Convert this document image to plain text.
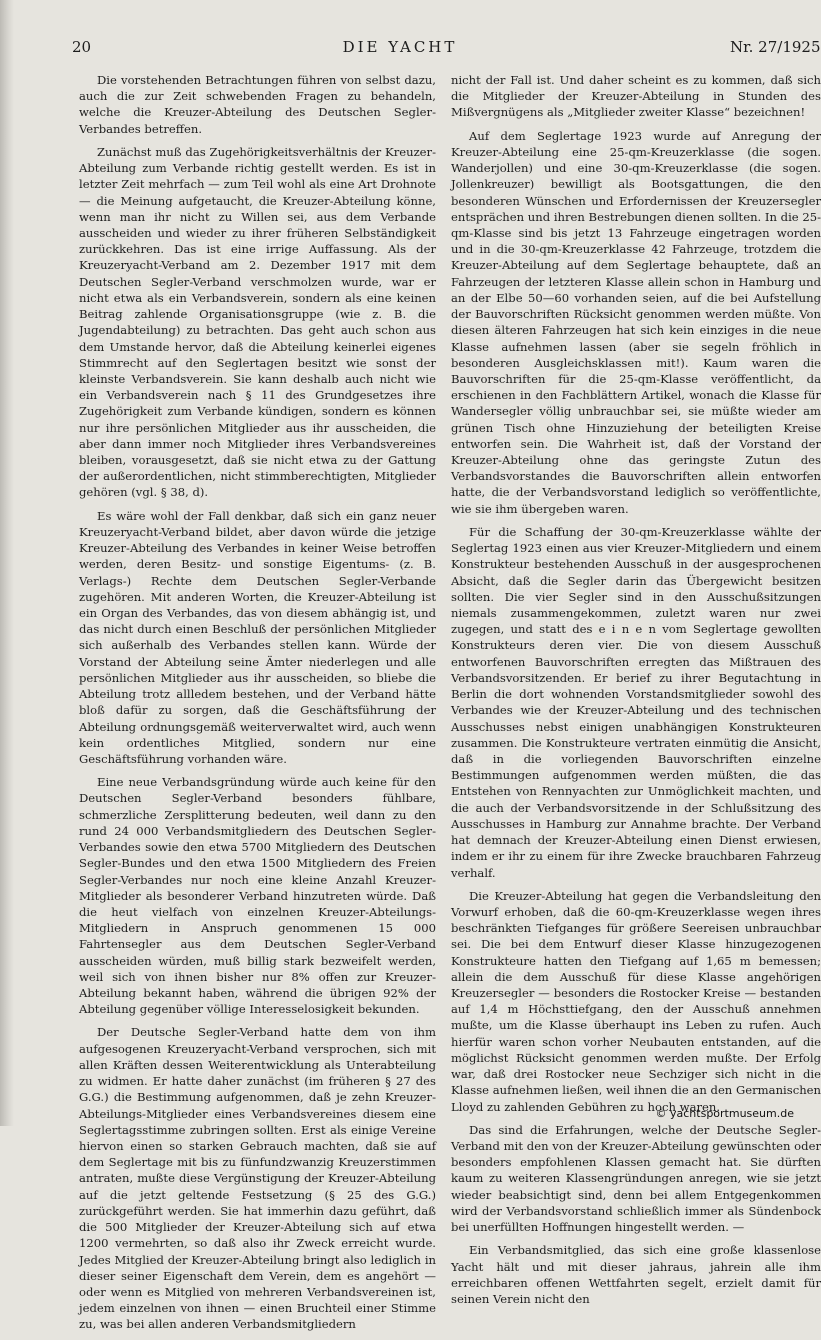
20	DIE YACHT	Nr. 27/1925

Die vorstehenden Betrachtungen führen von selbst dazu, auch die zur Zeit schwebenden Fragen zu behandeln, welche die Kreuzer-Abteilung des Deutschen Segler-Verbandes betreffen.

Zunächst muß das Zugehörigkeitsverhältnis der Kreuzer-Abteilung zum Verbande richtig gestellt werden. Es ist in letzter Zeit mehrfach — zum Teil wohl als eine Art Drohnote — die Meinung aufgetaucht, die Kreuzer-Abteilung könne, wenn man ihr nicht zu Willen sei, aus dem Verbande ausscheiden und wieder zu ihrer früheren Selbständigkeit zurückkehren. Das ist eine irrige Auffassung. Als der Kreuzeryacht-Verband am 2. Dezember 1917 mit dem Deutschen Segler-Verband verschmolzen wurde, war er nicht etwa als ein Verbandsverein, sondern als eine keinen Beitrag zahlende Organisationsgruppe (wie z. B. die Jugendabteilung) zu betrachten. Das geht auch schon aus dem Umstande hervor, daß die Abteilung keinerlei eigenes Stimmrecht auf den Seglertagen besitzt wie sonst der kleinste Verbandsverein. Sie kann deshalb auch nicht wie ein Verbandsverein nach § 11 des Grundgesetzes ihre Zugehörigkeit zum Verbande kündigen, sondern es können nur ihre persönlichen Mitglieder aus ihr ausscheiden, die aber dann immer noch Mitglieder ihres Verbandsvereines bleiben, vorausgesetzt, daß sie nicht etwa zu der Gattung der außerordentlichen, nicht stimmberechtigten, Mitglieder gehören (vgl. § 38, d).

Es wäre wohl der Fall denkbar, daß sich ein ganz neuer Kreuzeryacht-Verband bildet, aber davon würde die jetzige Kreuzer-Abteilung des Verbandes in keiner Weise betroffen werden, deren Besitz- und sonstige Eigentums- (z. B. Verlags-) Rechte dem Deutschen Segler-Verbande zugehören. Mit anderen Worten, die Kreuzer-Abteilung ist ein Organ des Verbandes, das von diesem abhängig ist, und das nicht durch einen Beschluß der persönlichen Mitglieder sich außerhalb des Verbandes stellen kann. Würde der Vorstand der Abteilung seine Ämter niederlegen und alle persönlichen Mitglieder aus ihr ausscheiden, so bliebe die Abteilung trotz allledem bestehen, und der Verband hätte bloß dafür zu sorgen, daß die Geschäftsführung der Abteilung ordnungsgemäß weiterverwaltet wird, auch wenn kein ordentliches Mitglied, sondern nur eine Geschäftsführung vorhanden wäre.

Eine neue Verbandsgründung würde auch keine für den Deutschen Segler-Verband besonders fühlbare, schmerzliche Zersplitterung bedeuten, weil dann zu den rund 24 000 Verbandsmitgliedern des Deutschen Segler-Verbandes sowie den etwa 5700 Mitgliedern des Deutschen Segler-Bundes und den etwa 1500 Mitgliedern des Freien Segler-Verbandes nur noch eine kleine Anzahl Kreuzer-Mitglieder als besonderer Verband hinzutreten würde. Daß die heut vielfach von einzelnen Kreuzer-Abteilungs-Mitgliedern in Anspruch genommenen 15 000 Fahrtensegler aus dem Deutschen Segler-Verband ausscheiden würden, muß billig stark bezweifelt werden, weil sich von ihnen bisher nur 8% offen zur Kreuzer-Abteilung bekannt haben, während die übrigen 92% der Abteilung gegenüber völlige Interesselosigkeit bekunden.

Der Deutsche Segler-Verband hatte dem von ihm aufgesogenen Kreuzeryacht-Verband versprochen, sich mit allen Kräften dessen Weiterentwicklung als Unterabteilung zu widmen. Er hatte daher zunächst (im früheren § 27 des G.G.) die Bestimmung aufgenommen, daß je zehn Kreuzer-Abteilungs-Mitglieder eines Verbandsvereines diesem eine Seglertagsstimme zubringen sollten. Erst als einige Vereine hiervon einen so starken Gebrauch machten, daß sie auf dem Seglertage mit bis zu fünfundzwanzig Kreuzerstimmen antraten, mußte diese Vergünstigung der Kreuzer-Abteilung auf die jetzt geltende Festsetzung (§ 25 des G.G.) zurückgeführt werden. Sie hat immerhin dazu geführt, daß die 500 Mitglieder der Kreuzer-Abteilung sich auf etwa 1200 vermehrten, so daß also ihr Zweck erreicht wurde. Jedes Mitglied der Kreuzer-Abteilung bringt also lediglich in dieser seiner Eigenschaft dem Verein, dem es angehört — oder wenn es Mitglied von mehreren Verbandsvereinen ist, jedem einzelnen von ihnen — einen Bruchteil einer Stimme zu, was bei allen anderen Verbandsmitgliedern

nicht der Fall ist. Und daher scheint es zu kommen, daß sich die Mitglieder der Kreuzer-Abteilung in Stunden des Mißvergnügens als „Mitglieder zweiter Klasse“ bezeichnen!

Auf dem Seglertage 1923 wurde auf Anregung der Kreuzer-Abteilung eine 25-qm-Kreuzerklasse (die sogen. Wanderjollen) und eine 30-qm-Kreuzerklasse (die sogen. Jollenkreuzer) bewilligt als Bootsgattungen, die den besonderen Wünschen und Erfordernissen der Kreuzersegler entsprächen und ihren Bestrebungen dienen sollten. In die 25-qm-Klasse sind bis jetzt 13 Fahrzeuge eingetragen worden und in die 30-qm-Kreuzerklasse 42 Fahrzeuge, trotzdem die Kreuzer-Abteilung auf dem Seglertage behauptete, daß an Fahrzeugen der letzteren Klasse allein schon in Hamburg und an der Elbe 50—60 vorhanden seien, auf die bei Aufstellung der Bauvorschriften Rücksicht genommen werden müßte. Von diesen älteren Fahrzeugen hat sich kein einziges in die neue Klasse aufnehmen lassen (aber sie segeln fröhlich in besonderen Ausgleichsklassen mit!). Kaum waren die Bauvorschriften für die 25-qm-Klasse veröffentlicht, da erschienen in den Fachblättern Artikel, wonach die Klasse für Wandersegler völlig unbrauchbar sei, sie müßte wieder am grünen Tisch ohne Hinzuziehung der beteiligten Kreise entworfen sein. Die Wahrheit ist, daß der Vorstand der Kreuzer-Abteilung ohne das geringste Zutun des Verbandsvorstandes die Bauvorschriften allein entworfen hatte, die der Verbandsvorstand lediglich so veröffentlichte, wie sie ihm übergeben waren.

Für die Schaffung der 30-qm-Kreuzerklasse wählte der Seglertag 1923 einen aus vier Kreuzer-Mitgliedern und einem Konstrukteur bestehenden Ausschuß in der ausgesprochenen Absicht, daß die Segler darin das Übergewicht besitzen sollten. Die vier Segler sind in den Ausschußsitzungen niemals zusammengekommen, zuletzt waren nur zwei zugegen, und statt des e i n e n vom Seglertage gewollten Konstrukteurs deren vier. Die von diesem Ausschuß entworfenen Bauvorschriften erregten das Mißtrauen des Verbandsvorsitzenden. Er berief zu ihrer Begutachtung in Berlin die dort wohnenden Vorstandsmitglieder sowohl des Verbandes wie der Kreuzer-Abteilung und des technischen Ausschusses nebst einigen unabhängigen Konstrukteuren zusammen. Die Konstrukteure vertraten einmütig die Ansicht, daß in die vorliegenden Bauvorschriften einzelne Bestimmungen aufgenommen werden müßten, die das Entstehen von Rennyachten zur Unmöglichkeit machten, und die auch der Verbandsvorsitzende in der Schlußsitzung des Ausschusses in Hamburg zur Annahme brachte. Der Verband hat demnach der Kreuzer-Abteilung einen Dienst erwiesen, indem er ihr zu einem für ihre Zwecke brauchbaren Fahrzeug verhalf.

Die Kreuzer-Abteilung hat gegen die Verbandsleitung den Vorwurf erhoben, daß die 60-qm-Kreuzerklasse wegen ihres beschränkten Tiefganges für größere Seereisen unbrauchbar sei. Die bei dem Entwurf dieser Klasse hinzugezogenen Konstrukteure hatten den Tiefgang auf 1,65 m bemessen; allein die dem Ausschuß für diese Klasse angehörigen Kreuzersegler — besonders die Rostocker Kreise — bestanden auf 1,4 m Höchsttiefgang, den der Ausschuß annehmen mußte, um die Klasse überhaupt ins Leben zu rufen. Auch hierfür waren schon vorher Neubauten entstanden, auf die möglichst Rücksicht genommen werden mußte. Der Erfolg war, daß drei Rostocker neue Sechziger sich nicht in die Klasse aufnehmen ließen, weil ihnen die an den Germanischen Lloyd zu zahlenden Gebühren zu hoch waren.

Das sind die Erfahrungen, welche der Deutsche Segler-Verband mit den von der Kreuzer-Abteilung gewünschten oder besonders empfohlenen Klassen gemacht hat. Sie dürften kaum zu weiteren Klassengründungen anregen, wie sie jetzt wieder beabsichtigt sind, denn bei allem Entgegenkommen wird der Verbandsvorstand schließlich immer als Sündenbock bei unerfüllten Hoffnungen hingestellt werden. —

Ein Verbandsmitglied, das sich eine große klassenlose Yacht hält und mit dieser jahraus, jahrein alle ihm erreichbaren offenen Wettfahrten segelt, erzielt damit für seinen Verein nicht den

© yachtsportmuseum.de
